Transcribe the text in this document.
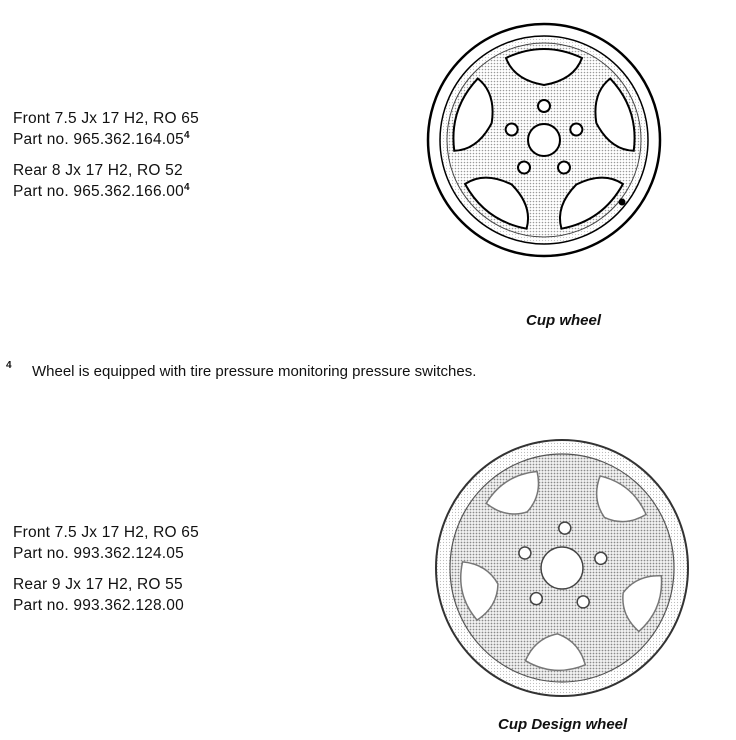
Front 7.5 Jx 17 H2, RO 65

Part no. 965.362.164.05$^4$

Rear 8 Jx 17 H2, RO 52

Part no. 965.362.166.00$^4$

Cup wheel
4 Wheel is equipped with tire pressure monitoring pressure switches.

Front 7.5 Jx 17 H2, RO 65

Part no. 993.362.124.05

Rear 9 Jx 17 H2, RO 55

Part no. 993.362.128.00

Cup Design wheel
